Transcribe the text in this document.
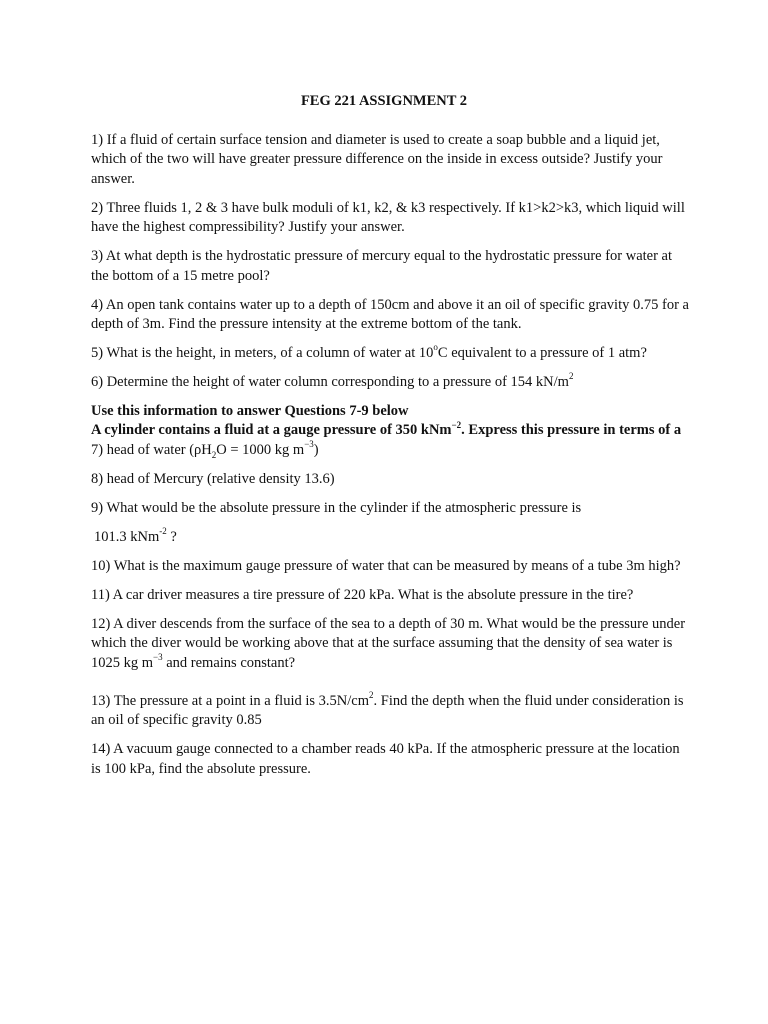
FEG 221 ASSIGNMENT 2

1) If a fluid of certain surface tension and diameter is used to create a soap bubble and a liquid jet, which of the two will have greater pressure difference on the inside in excess outside? Justify your answer.

2) Three fluids 1, 2 & 3 have bulk moduli of k1, k2, & k3 respectively. If k1>k2>k3, which liquid will have the highest compressibility? Justify your answer.

3) At what depth is the hydrostatic pressure of mercury equal to the hydrostatic pressure for water at the bottom of a 15 metre pool?

4) An open tank contains water up to a depth of 150cm and above it an oil of specific gravity 0.75 for a depth of 3m. Find the pressure intensity at the extreme bottom of the tank.

5) What is the height, in meters, of a column of water at 10$^o$C equivalent to a pressure of 1 atm?

6) Determine the height of water column corresponding to a pressure of 154 $kN/m^2$

Use this information to answer Questions 7-9 below

A cylinder contains a fluid at a gauge pressure of 350 kNm$^{-2}$. Express this pressure in terms of a

7) head of water ($\rho H_2O = 1000$ kg $m^{-3}$)

8) head of Mercury (relative density 13.6)

9) What would be the absolute pressure in the cylinder if the atmospheric pressure is

101.3 kNm$^{-2}$ ?

10) What is the maximum gauge pressure of water that can be measured by means of a tube 3m high?

11) A car driver measures a tire pressure of 220 kPa. What is the absolute pressure in the tire?

12) A diver descends from the surface of the sea to a depth of 30 m. What would be the pressure under which the diver would be working above that at the surface assuming that the density of sea water is 1025 kg $m^{-3}$ and remains constant?

13) The pressure at a point in a fluid is $3.5N/cm^2$. Find the depth when the fluid under consideration is an oil of specific gravity 0.85

14) A vacuum gauge connected to a chamber reads 40 kPa. If the atmospheric pressure at the location is 100 kPa, find the absolute pressure.
